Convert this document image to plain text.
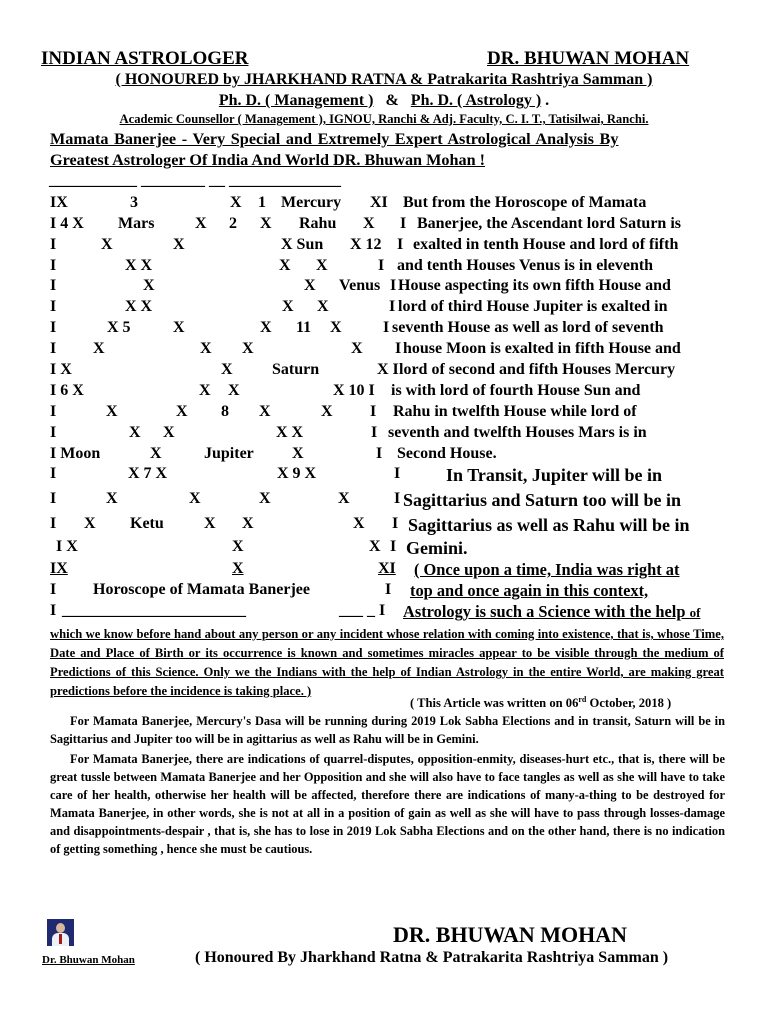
INDIAN ASTROLOGER	DR. BHUWAN MOHAN
( HONOURED by JHARKHAND RATNA & Patrakarita Rashtriya Samman )
Ph. D. ( Management ) & Ph. D. ( Astrology ) .
Academic Counsellor ( Management ), IGNOU, Ranchi & Adj. Faculty, C. I. T., Tatisilwai, Ranchi.
Mamata Banerjee - Very Special and Extremely Expert Astrological Analysis By
Greatest Astrologer Of India And World DR. Bhuwan Mohan !
___________ ________ __ ______________
IX	3	X 1 Mercury XI But from the Horoscope of Mamata
I 4 X Mars	X 2 X Rahu X I Banerjee, the Ascendant lord Saturn is
I	X	X	X Sun X 12 I exalted in tenth House and lord of fifth
I	X X	X X	I and tenth Houses Venus is in eleventh
I	X	X Venus I House aspecting its own fifth House and
I	X X	X X	I lord of third House Jupiter is exalted in
I	X 5	X	X 11 X	I seventh House as well as lord of seventh
I X	X X	X I house Moon is exalted in fifth House and
I X	X Saturn	X I lord of second and fifth Houses Mercury
I 6 X	X X	X 10 I is with lord of fourth House Sun and
I	X	X 8 X	X I Rahu in twelfth House while lord of
I	X X	X X	I seventh and twelfth Houses Mars is in
I Moon	X	Jupiter X	I Second House.
I	X 7 X	X 9 X	I	In Transit, Jupiter will be in
I	X	X	X	X	I Sagittarius and Saturn too will be in
I X Ketu	X X	X I Sagittarius as well as Rahu will be in
I X	X	X I Gemini.
IX	X	XI ( Once upon a time, India was right at
I Horoscope of Mamata Banerjee	I top and once again in this context,
I _______________________	___ _ I Astrology is such a Science with the help of
which we know before hand about any person or any incident whose relation with coming into existence, that is, whose Time, Date and Place of Birth or its occurrence is known and sometimes miracles appear to be visible through the medium of Predictions of this Science. Only we the Indians with the help of Indian Astrology in the entire World, are making great predictions before the incidence is taking place. )
( This Article was written on 06rd October, 2018 )

For Mamata Banerjee, Mercury's Dasa will be running during 2019 Lok Sabha Elections and in transit, Saturn will be in Sagittarius and Jupiter too will be in agittarius as well as Rahu will be in Gemini.

For Mamata Banerjee, there are indications of quarrel-disputes, opposition-enmity, diseases-hurt etc., that is, there will be great tussle between Mamata Banerjee and her Opposition and she will also have to face tangles as well as she will have to take care of her health, otherwise her health will be affected, therefore there are indications of many-a-thing to be destroyed for Mamata Banerjee, in other words, she is not at all in a position of gain as well as she will have to pass through losses-damage and disappointments-despair , that is, she has to lose in 2019 Lok Sabha Elections and on the other hand, there is no indication of getting something , hence she must be cautious.

Dr. Bhuwan Mohan
DR. BHUWAN MOHAN
( Honoured By Jharkhand Ratna & Patrakarita Rashtriya Samman )
